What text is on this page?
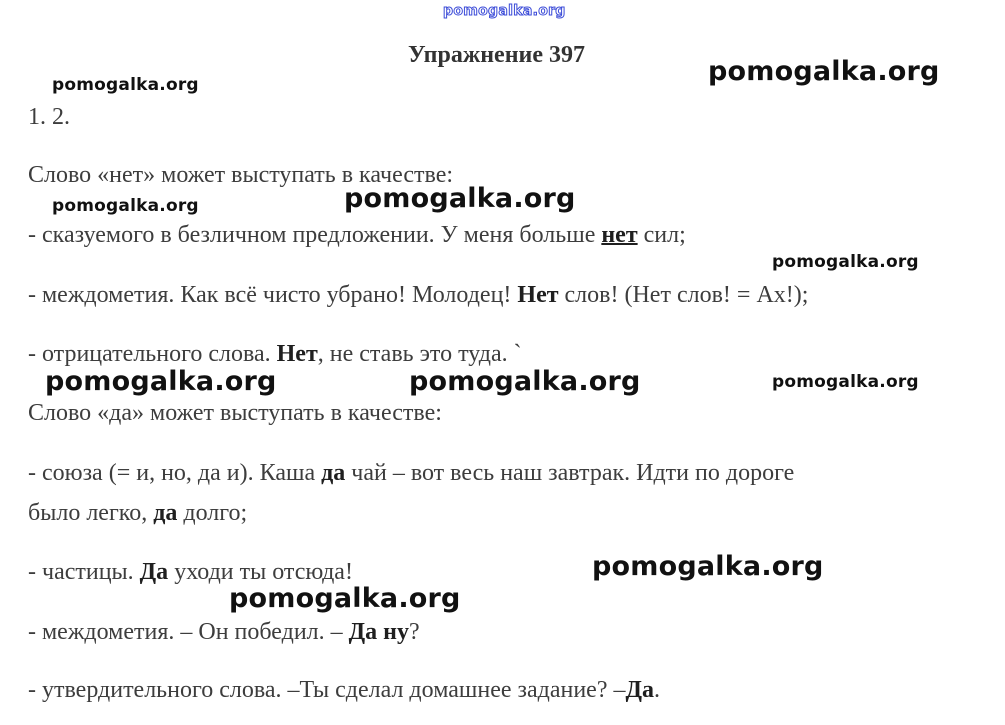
pomogalka.org
Упражнение 397
pomogalka.org	pomogalka.org
pomogalka.org	pomogalka.org
pomogalka.org
pomogalka.org	pomogalka.org	pomogalka.org
pomogalka.org
pomogalka.org
1. 2.
Слово «нет» может выступать в качестве:
- сказуемого в безличном предложении. У меня больше нет сил;
- междометия. Как всё чисто убрано! Молодец! Нет слов! (Нет слов! = Ах!);
- отрицательного слова. Нет, не ставь это туда. `
Слово «да» может выступать в качестве:
- союза (= и, но, да и). Каша да чай – вот весь наш завтрак. Идти по дороге
было легко, да долго;
- частицы. Да уходи ты отсюда!
- междометия. – Он победил. – Да ну?
- утвердительного слова. –Ты сделал домашнее задание? –Да.
